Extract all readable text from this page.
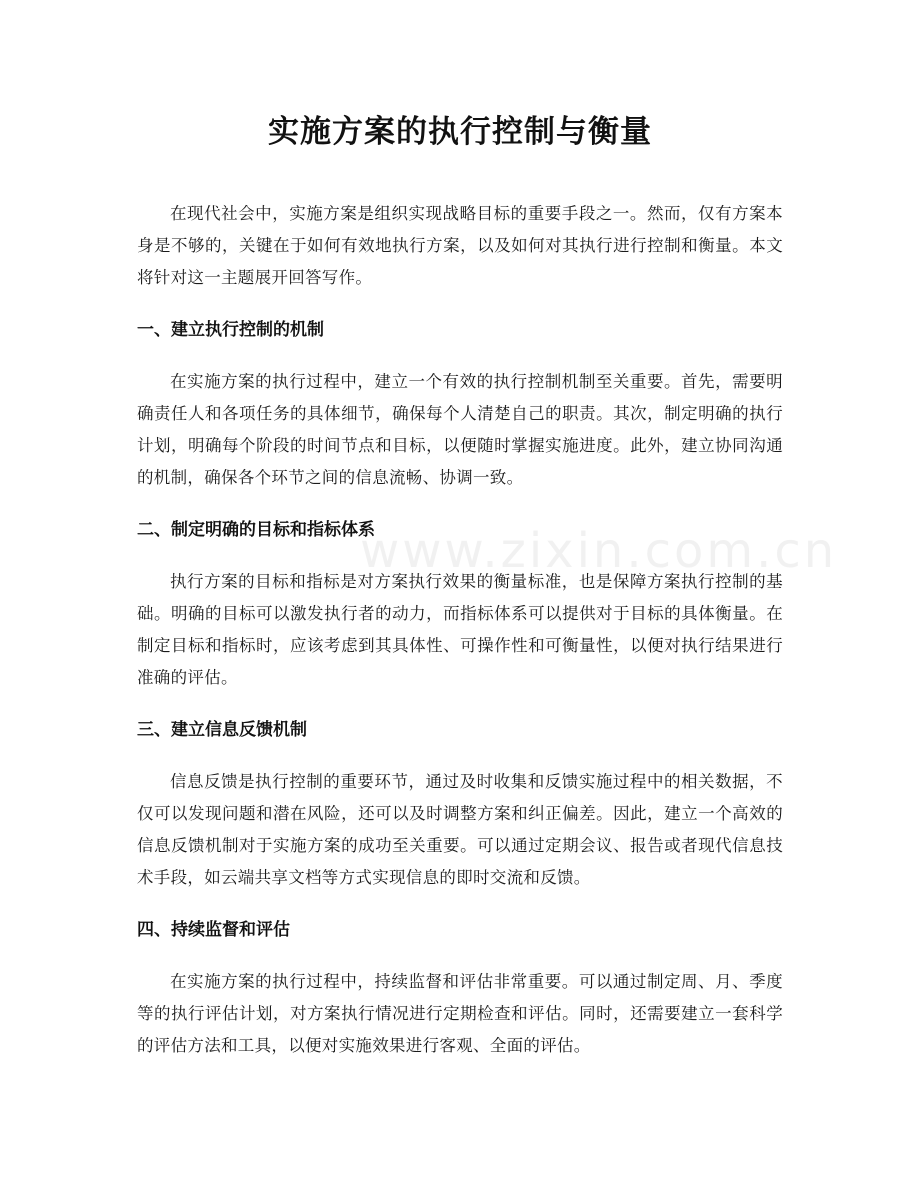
实施方案的执行控制与衡量

在现代社会中，实施方案是组织实现战略目标的重要手段之一。然而，仅有方案本身是不够的，关键在于如何有效地执行方案，以及如何对其执行进行控制和衡量。本文将针对这一主题展开回答写作。

一、建立执行控制的机制

在实施方案的执行过程中，建立一个有效的执行控制机制至关重要。首先，需要明确责任人和各项任务的具体细节，确保每个人清楚自己的职责。其次，制定明确的执行计划，明确每个阶段的时间节点和目标，以便随时掌握实施进度。此外，建立协同沟通的机制，确保各个环节之间的信息流畅、协调一致。

二、制定明确的目标和指标体系

执行方案的目标和指标是对方案执行效果的衡量标准，也是保障方案执行控制的基础。明确的目标可以激发执行者的动力，而指标体系可以提供对于目标的具体衡量。在制定目标和指标时，应该考虑到其具体性、可操作性和可衡量性，以便对执行结果进行准确的评估。

三、建立信息反馈机制

信息反馈是执行控制的重要环节，通过及时收集和反馈实施过程中的相关数据，不仅可以发现问题和潜在风险，还可以及时调整方案和纠正偏差。因此，建立一个高效的信息反馈机制对于实施方案的成功至关重要。可以通过定期会议、报告或者现代信息技术手段，如云端共享文档等方式实现信息的即时交流和反馈。

四、持续监督和评估

在实施方案的执行过程中，持续监督和评估非常重要。可以通过制定周、月、季度等的执行评估计划，对方案执行情况进行定期检查和评估。同时，还需要建立一套科学的评估方法和工具，以便对实施效果进行客观、全面的评估。

www.zixin.com.cn
